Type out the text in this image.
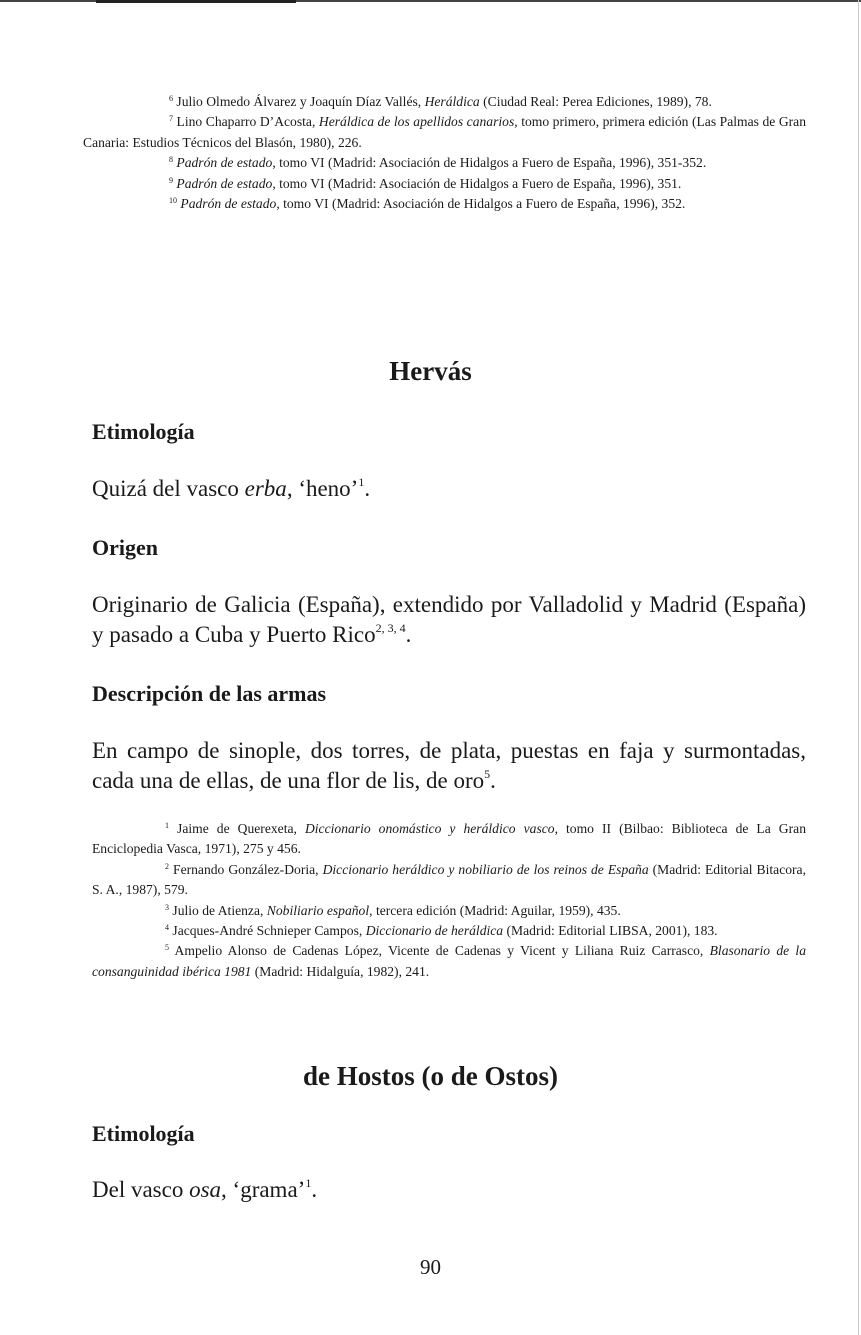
$^6$ Julio Olmedo Álvarez y Joaquín Díaz Vallés, Heráldica (Ciudad Real: Perea Ediciones, 1989), 78.

$^7$ Lino Chaparro D’Acosta, Heráldica de los apellidos canarios, tomo primero, primera edición (Las Palmas de Gran Canaria: Estudios Técnicos del Blasón, 1980), 226.

$^8$ Padrón de estado, tomo VI (Madrid: Asociación de Hidalgos a Fuero de España, 1996), 351-352.

$^9$ Padrón de estado, tomo VI (Madrid: Asociación de Hidalgos a Fuero de España, 1996), 351.

$^{10}$ Padrón de estado, tomo VI (Madrid: Asociación de Hidalgos a Fuero de España, 1996), 352.

Hervás
Etimología

Quizá del vasco erba, ‘heno’$^1$.

Origen

Originario de Galicia (España), extendido por Valladolid y Madrid (España) y pasado a Cuba y Puerto Rico$^{2, 3, 4}$.

Descripción de las armas

En campo de sinople, dos torres, de plata, puestas en faja y surmontadas, cada una de ellas, de una flor de lis, de oro$^5$.

$^1$ Jaime de Querexeta, Diccionario onomástico y heráldico vasco, tomo II (Bilbao: Biblioteca de La Gran Enciclopedia Vasca, 1971), 275 y 456.

$^2$ Fernando González-Doria, Diccionario heráldico y nobiliario de los reinos de España (Madrid: Editorial Bitacora, S. A., 1987), 579.

$^3$ Julio de Atienza, Nobiliario español, tercera edición (Madrid: Aguilar, 1959), 435.

$^4$ Jacques-André Schnieper Campos, Diccionario de heráldica (Madrid: Editorial LIBSA, 2001), 183.

$^5$ Ampelio Alonso de Cadenas López, Vicente de Cadenas y Vicent y Liliana Ruiz Carrasco, Blasonario de la consanguinidad ibérica 1981 (Madrid: Hidalguía, 1982), 241.

de Hostos (o de Ostos)
Etimología

Del vasco osa, ‘grama’$^1$.

90
